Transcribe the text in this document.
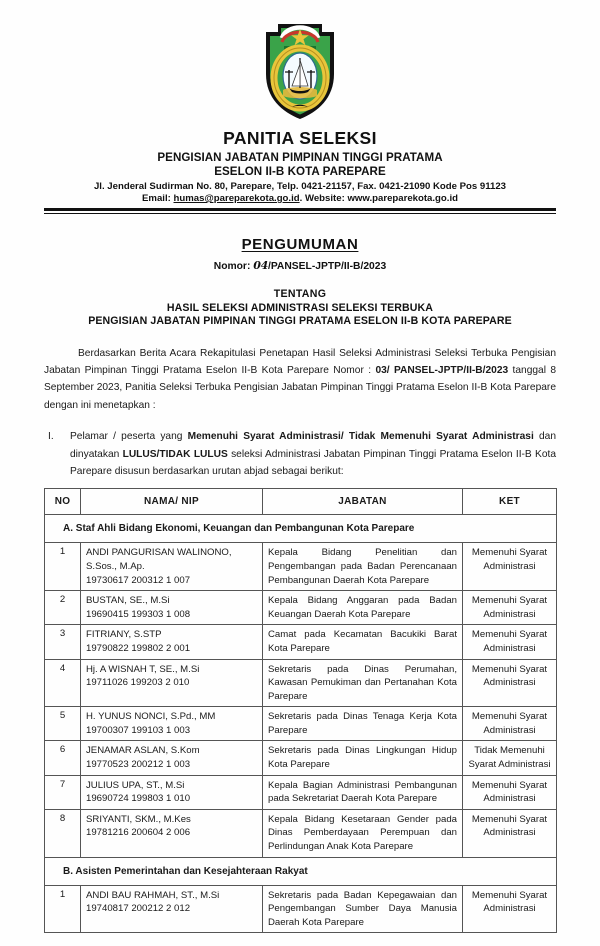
PANITIA SELEKSI
PENGISIAN JABATAN PIMPINAN TINGGI PRATAMA
ESELON II-B KOTA PAREPARE
Jl. Jenderal Sudirman No. 80, Parepare, Telp. 0421-21157, Fax. 0421-21090 Kode Pos 91123
Email: humas@pareparekota.go.id. Website: www.pareparekota.go.id
PENGUMUMAN
Nomor: 04/PANSEL-JPTP/II-B/2023
TENTANG
HASIL SELEKSI ADMINISTRASI SELEKSI TERBUKA
PENGISIAN JABATAN PIMPINAN TINGGI PRATAMA ESELON II-B KOTA PAREPARE
Berdasarkan Berita Acara Rekapitulasi Penetapan Hasil Seleksi Administrasi Seleksi Terbuka Pengisian Jabatan Pimpinan Tinggi Pratama Eselon II-B Kota Parepare Nomor : 03/ PANSEL-JPTP/II-B/2023 tanggal 8 September 2023, Panitia Seleksi Terbuka Pengisian Jabatan Pimpinan Tinggi Pratama Eselon II-B Kota Parepare dengan ini menetapkan :
I.	Pelamar / peserta yang Memenuhi Syarat Administrasi/ Tidak Memenuhi Syarat Administrasi dan dinyatakan LULUS/TIDAK LULUS seleksi Administrasi Jabatan Pimpinan Tinggi Pratama Eselon II-B Kota Parepare disusun berdasarkan urutan abjad sebagai berikut:
NO	NAMA/ NIP	JABATAN	KET
A. Staf Ahli Bidang Ekonomi, Keuangan dan Pembangunan Kota Parepare			
1	ANDI PANGURISAN WALINONO, S.Sos., M.Ap.
19730617 200312 1 007	Kepala Bidang Penelitian dan Pengembangan pada Badan Perencanaan Pembangunan Daerah Kota Parepare	Memenuhi Syarat Administrasi
2	BUSTAN, SE., M.Si
19690415 199303 1 008	Kepala Bidang Anggaran pada Badan Keuangan Daerah Kota Parepare	Memenuhi Syarat Administrasi
3	FITRIANY, S.STP
19790822 199802 2 001	Camat pada Kecamatan Bacukiki Barat Kota Parepare	Memenuhi Syarat Administrasi
4	Hj. A WISNAH T, SE., M.Si
19711026 199203 2 010	Sekretaris pada Dinas Perumahan, Kawasan Pemukiman dan Pertanahan Kota Parepare	Memenuhi Syarat Administrasi
5	H. YUNUS NONCI, S.Pd., MM
19700307 199103 1 003	Sekretaris pada Dinas Tenaga Kerja Kota Parepare	Memenuhi Syarat Administrasi
6	JENAMAR ASLAN, S.Kom
19770523 200212 1 003	Sekretaris pada Dinas Lingkungan Hidup Kota Parepare	Tidak Memenuhi Syarat Administrasi
7	JULIUS UPA, ST., M.Si
19690724 199803 1 010	Kepala Bagian Administrasi Pembangunan pada Sekretariat Daerah Kota Parepare	Memenuhi Syarat Administrasi
8	SRIYANTI, SKM., M.Kes
19781216 200604 2 006	Kepala Bidang Kesetaraan Gender pada Dinas Pemberdayaan Perempuan dan Perlindungan Anak Kota Parepare	Memenuhi Syarat Administrasi
B. Asisten Pemerintahan dan Kesejahteraan Rakyat			
1	ANDI BAU RAHMAH, ST., M.Si
19740817 200212 2 012	Sekretaris pada Badan Kepegawaian dan Pengembangan Sumber Daya Manusia Daerah Kota Parepare	Memenuhi Syarat Administrasi
